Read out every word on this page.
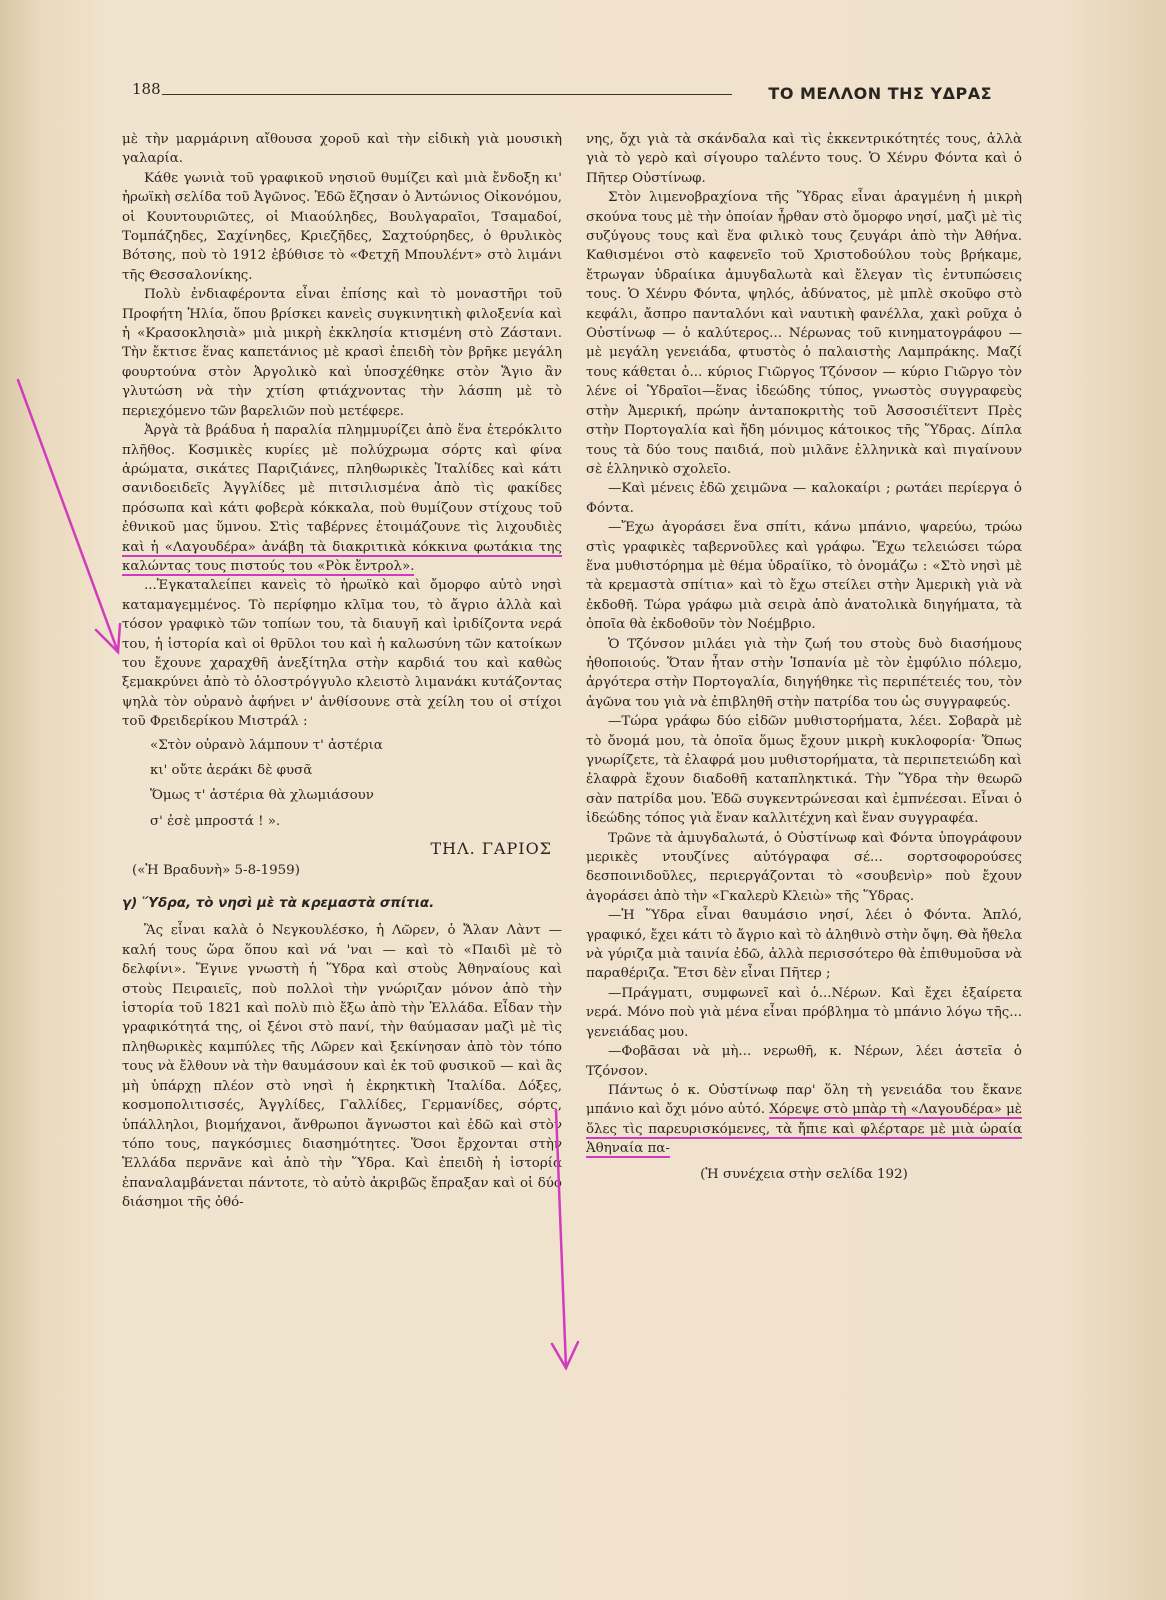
188	ΤΟ ΜΕΛΛΟΝ ΤΗΣ ΥΔΡΑΣ

μὲ τὴν μαρμάρινη αἴθουσα χοροῦ καὶ τὴν εἰδικὴ γιὰ μουσικὴ γαλαρία.

Κάθε γωνιὰ τοῦ γραφικοῦ νησιοῦ θυμίζει καὶ μιὰ ἔνδοξη κι' ἡρωϊκὴ σελίδα τοῦ Ἀγῶνος. Ἐδῶ ἔζησαν ὁ Ἀντώνιος Οἰκονόμου, οἱ Κουντουριῶτες, οἱ Μιαούληδες, Βουλγαραῖοι, Τσαμαδοί, Τομπάζηδες, Σαχίνηδες, Κριεζῆδες, Σαχτούρηδες, ὁ θρυλικὸς Βότσης, ποὺ τὸ 1912 ἐβύθισε τὸ «Φετχῆ Μπουλέντ» στὸ λιμάνι τῆς Θεσσαλονίκης.

Πολὺ ἐνδιαφέροντα εἶναι ἐπίσης καὶ τὸ μοναστῆρι τοῦ Προφήτη Ἠλία, ὅπου βρίσκει κανεὶς συγκινητικὴ φιλοξενία καὶ ἡ «Κρασοκλησιὰ» μιὰ μικρὴ ἐκκλησία κτισμένη στὸ Ζάστανι. Τὴν ἔκτισε ἕνας καπετάνιος μὲ κρασὶ ἐπειδὴ τὸν βρῆκε μεγάλη φουρτούνα στὸν Ἀργολικὸ καὶ ὑποσχέθηκε στὸν Ἅγιο ἂν γλυτώση νὰ τὴν χτίση φτιάχνοντας τὴν λάσπη μὲ τὸ περιεχόμενο τῶν βαρελιῶν ποὺ μετέφερε.

Ἀργὰ τὰ βράδυα ἡ παραλία πλημμυρίζει ἀπὸ ἕνα ἑτερόκλιτο πλῆθος. Κοσμικὲς κυρίες μὲ πολύχρωμα σόρτς καὶ φίνα ἀρώματα, σικάτες Παριζιάνες, πληθωρικὲς Ἰταλίδες καὶ κάτι σανιδοειδεῖς Ἀγγλίδες μὲ πιτσιλισμένα ἀπὸ τὶς φακίδες πρόσωπα καὶ κάτι φοβερὰ κόκκαλα, ποὺ θυμίζουν στίχους τοῦ ἐθνικοῦ μας ὕμνου. Στὶς ταβέρνες ἑτοιμάζουνε τὶς λιχουδιὲς καὶ ἡ «Λαγουδέρα» ἀνάβη τὰ διακριτικὰ κόκκινα φωτάκια της καλώντας τους πιστούς του «Ρὸκ ἔντρολ».

...Ἐγκαταλείπει κανεὶς τὸ ἡρωϊκὸ καὶ ὄμορφο αὐτὸ νησὶ καταμαγεμμένος. Τὸ περίφημο κλῖμα του, τὸ ἄγριο ἀλλὰ καὶ τόσον γραφικὸ τῶν τοπίων του, τὰ διαυγῆ καὶ ἰριδίζοντα νερά του, ἡ ἱστορία καὶ οἱ θρῦλοι του καὶ ἡ καλωσύνη τῶν κατοίκων του ἔχουνε χαραχθῆ ἀνεξίτηλα στὴν καρδιά του καὶ καθὼς ξεμακρύνει ἀπὸ τὸ ὁλοστρόγγυλο κλειστὸ λιμανάκι κυτάζοντας ψηλὰ τὸν οὐρανὸ ἀφήνει ν' ἀνθίσουνε στὰ χείλη του οἱ στίχοι τοῦ Φρειδερίκου Μιστράλ :

«Στὸν οὐρανὸ λάμπουν τ' ἀστέρια
κι' οὔτε ἀεράκι δὲ φυσᾶ
Ὅμως τ' ἀστέρια θὰ χλωμιάσουν
σ' ἐσὲ μπροστά ! ».
ΤΗΛ. ΓΑΡΙΟΣ
(«Ἡ Βραδυνὴ» 5-8-1959)
γ) Ὕδρα, τὸ νησὶ μὲ τὰ κρεμαστὰ σπίτια.

Ἂς εἶναι καλὰ ὁ Νεγκουλέσκο, ἡ Λῶρεν, ὁ Ἄλαν Λὰντ — καλή τους ὥρα ὅπου καὶ νά 'ναι — καὶ τὸ «Παιδὶ μὲ τὸ δελφίνι». Ἔγινε γνωστὴ ἡ Ὕδρα καὶ στοὺς Ἀθηναίους καὶ στοὺς Πειραιεῖς, ποὺ πολλοὶ τὴν γνώριζαν μόνον ἀπὸ τὴν ἱστορία τοῦ 1821 καὶ πολὺ πιὸ ἔξω ἀπὸ τὴν Ἑλλάδα. Εἶδαν τὴν γραφικότητά της, οἱ ξένοι στὸ πανί, τὴν θαύμασαν μαζὶ μὲ τὶς πληθωρικὲς καμπύλες τῆς Λῶρεν καὶ ξεκίνησαν ἀπὸ τὸν τόπο τους νὰ ἔλθουν νὰ τὴν θαυμάσουν καὶ ἐκ τοῦ φυσικοῦ — καὶ ἂς μὴ ὑπάρχῃ πλέον στὸ νησὶ ἡ ἐκρηκτικὴ Ἰταλίδα. Δόξες, κοσμοπολιτισσές, Ἀγγλίδες, Γαλλίδες, Γερμανίδες, σόρτς, ὑπάλληλοι, βιομήχανοι, ἄνθρωποι ἄγνωστοι καὶ ἐδῶ καὶ στὸν τόπο τους, παγκόσμιες διασημότητες. Ὅσοι ἔρχονται στὴν Ἑλλάδα περνᾶνε καὶ ἀπὸ τὴν Ὕδρα. Καὶ ἐπειδὴ ἡ ἱστορία ἐπαναλαμβάνεται πάντοτε, τὸ αὐτὸ ἀκριβῶς ἔπραξαν καὶ οἱ δύο διάσημοι τῆς ὀθό-

νης, ὄχι γιὰ τὰ σκάνδαλα καὶ τὶς ἐκκεντρικότητές τους, ἀλλὰ γιὰ τὸ γερὸ καὶ σίγουρο ταλέντο τους. Ὁ Χένρυ Φόντα καὶ ὁ Πῆτερ Οὐστίνωφ.

Στὸν λιμενοβραχίονα τῆς Ὕδρας εἶναι ἀραγμένη ἡ μικρὴ σκούνα τους μὲ τὴν ὁποίαν ἦρθαν στὸ ὄμορφο νησί, μαζὶ μὲ τὶς συζύγους τους καὶ ἕνα φιλικὸ τους ζευγάρι ἀπὸ τὴν Ἀθήνα. Καθισμένοι στὸ καφενεῖο τοῦ Χριστοδούλου τοὺς βρήκαμε, ἔτρωγαν ὑδραίικα ἀμυγδαλωτὰ καὶ ἔλεγαν τὶς ἐντυπώσεις τους. Ὁ Χένρυ Φόντα, ψηλός, ἀδύνατος, μὲ μπλὲ σκοῦφο στὸ κεφάλι, ἄσπρο πανταλόνι καὶ ναυτικὴ φανέλλα, χακὶ ροῦχα ὁ Οὐστίνωφ — ὁ καλύτερος... Νέρωνας τοῦ κινηματογράφου — μὲ μεγάλη γενειάδα, φτυστὸς ὁ παλαιστὴς Λαμπράκης. Μαζί τους κάθεται ὁ... κύριος Γιῶργος Τζόνσον — κύριο Γιῶργο τὸν λένε οἱ Ὑδραῖοι—ἕνας ἰδεώδης τύπος, γνωστὸς συγγραφεὺς στὴν Ἀμερική, πρώην ἀνταποκριτὴς τοῦ Ἀσσοσιέϊτεντ Πρὲς στὴν Πορτογαλία καὶ ἤδη μόνιμος κάτοικος τῆς Ὕδρας. Δίπλα τους τὰ δύο τους παιδιά, ποὺ μιλᾶνε ἑλληνικὰ καὶ πιγαίνουν σὲ ἑλληνικὸ σχολεῖο.

—Καὶ μένεις ἐδῶ χειμῶνα — καλοκαίρι ; ρωτάει περίεργα ὁ Φόντα.

—Ἔχω ἀγοράσει ἕνα σπίτι, κάνω μπάνιο, ψαρεύω, τρώω στὶς γραφικὲς ταβερνοῦλες καὶ γράφω. Ἔχω τελειώσει τώρα ἕνα μυθιστόρημα μὲ θέμα ὑδραίϊκο, τὸ ὀνομάζω : «Στὸ νησὶ μὲ τὰ κρεμαστὰ σπίτια» καὶ τὸ ἔχω στείλει στὴν Ἀμερικὴ γιὰ νὰ ἐκδοθῆ. Τώρα γράφω μιὰ σειρὰ ἀπὸ ἀνατολικὰ διηγήματα, τὰ ὁποῖα θὰ ἐκδοθοῦν τὸν Νοέμβριο.

Ὁ Τζόνσον μιλάει γιὰ τὴν ζωή του στοὺς δυὸ διασήμους ἠθοποιούς. Ὅταν ἦταν στὴν Ἱσπανία μὲ τὸν ἐμφύλιο πόλεμο, ἀργότερα στὴν Πορτογαλία, διηγήθηκε τὶς περιπέτειές του, τὸν ἀγῶνα του γιὰ νὰ ἐπιβληθῆ στὴν πατρίδα του ὡς συγγραφεύς.

—Τώρα γράφω δύο εἰδῶν μυθιστορήματα, λέει. Σοβαρὰ μὲ τὸ ὄνομά μου, τὰ ὁποῖα ὅμως ἔχουν μικρὴ κυκλοφορία· Ὅπως γνωρίζετε, τὰ ἐλαφρά μου μυθιστορήματα, τὰ περιπετειώδη καὶ ἐλαφρὰ ἔχουν διαδοθῆ καταπληκτικά. Τὴν Ὕδρα τὴν θεωρῶ σὰν πατρίδα μου. Ἐδῶ συγκεντρώνεσαι καὶ ἐμπνέεσαι. Εἶναι ὁ ἰδεώδης τόπος γιὰ ἕναν καλλιτέχνη καὶ ἕναν συγγραφέα.

Τρῶνε τὰ ἀμυγδαλωτά, ὁ Οὐστίνωφ καὶ Φόντα ὑπογράφουν μερικὲς ντουζίνες αὐτόγραφα σέ... σορτσοφορούσες δεσποινιδοῦλες, περιεργάζονται τὸ «σουβενὶρ» ποὺ ἔχουν ἀγοράσει ἀπὸ τὴν «Γκαλερὺ Κλειὼ» τῆς Ὕδρας.

—Ἡ Ὕδρα εἶναι θαυμάσιο νησί, λέει ὁ Φόντα. Ἁπλό, γραφικό, ἔχει κάτι τὸ ἄγριο καὶ τὸ ἀληθινὸ στὴν ὄψη. Θὰ ἤθελα νὰ γύριζα μιὰ ταινία ἐδῶ, ἀλλὰ περισσότερο θὰ ἐπιθυμοῦσα νὰ παραθέριζα. Ἔτσι δὲν εἶναι Πῆτερ ;

—Πράγματι, συμφωνεῖ καὶ ὁ...Νέρων. Καὶ ἔχει ἐξαίρετα νερά. Μόνο ποὺ γιὰ μένα εἶναι πρόβλημα τὸ μπάνιο λόγω τῆς... γενειάδας μου.

—Φοβᾶσαι νὰ μὴ... νερωθῆ, κ. Νέρων, λέει ἀστεῖα ὁ Τζόνσον.

Πάντως ὁ κ. Οὐστίνωφ παρ' ὅλη τὴ γενειάδα του ἔκανε μπάνιο καὶ ὄχι μόνο αὐτό. Χόρεψε στὸ μπὰρ τὴ «Λαγουδέρα» μὲ ὅλες τὶς παρευρισκόμενες, τὰ ἤπιε καὶ φλέρταρε μὲ μιὰ ὡραία Ἀθηναία πα-

(Ἡ συνέχεια στὴν σελίδα 192)
